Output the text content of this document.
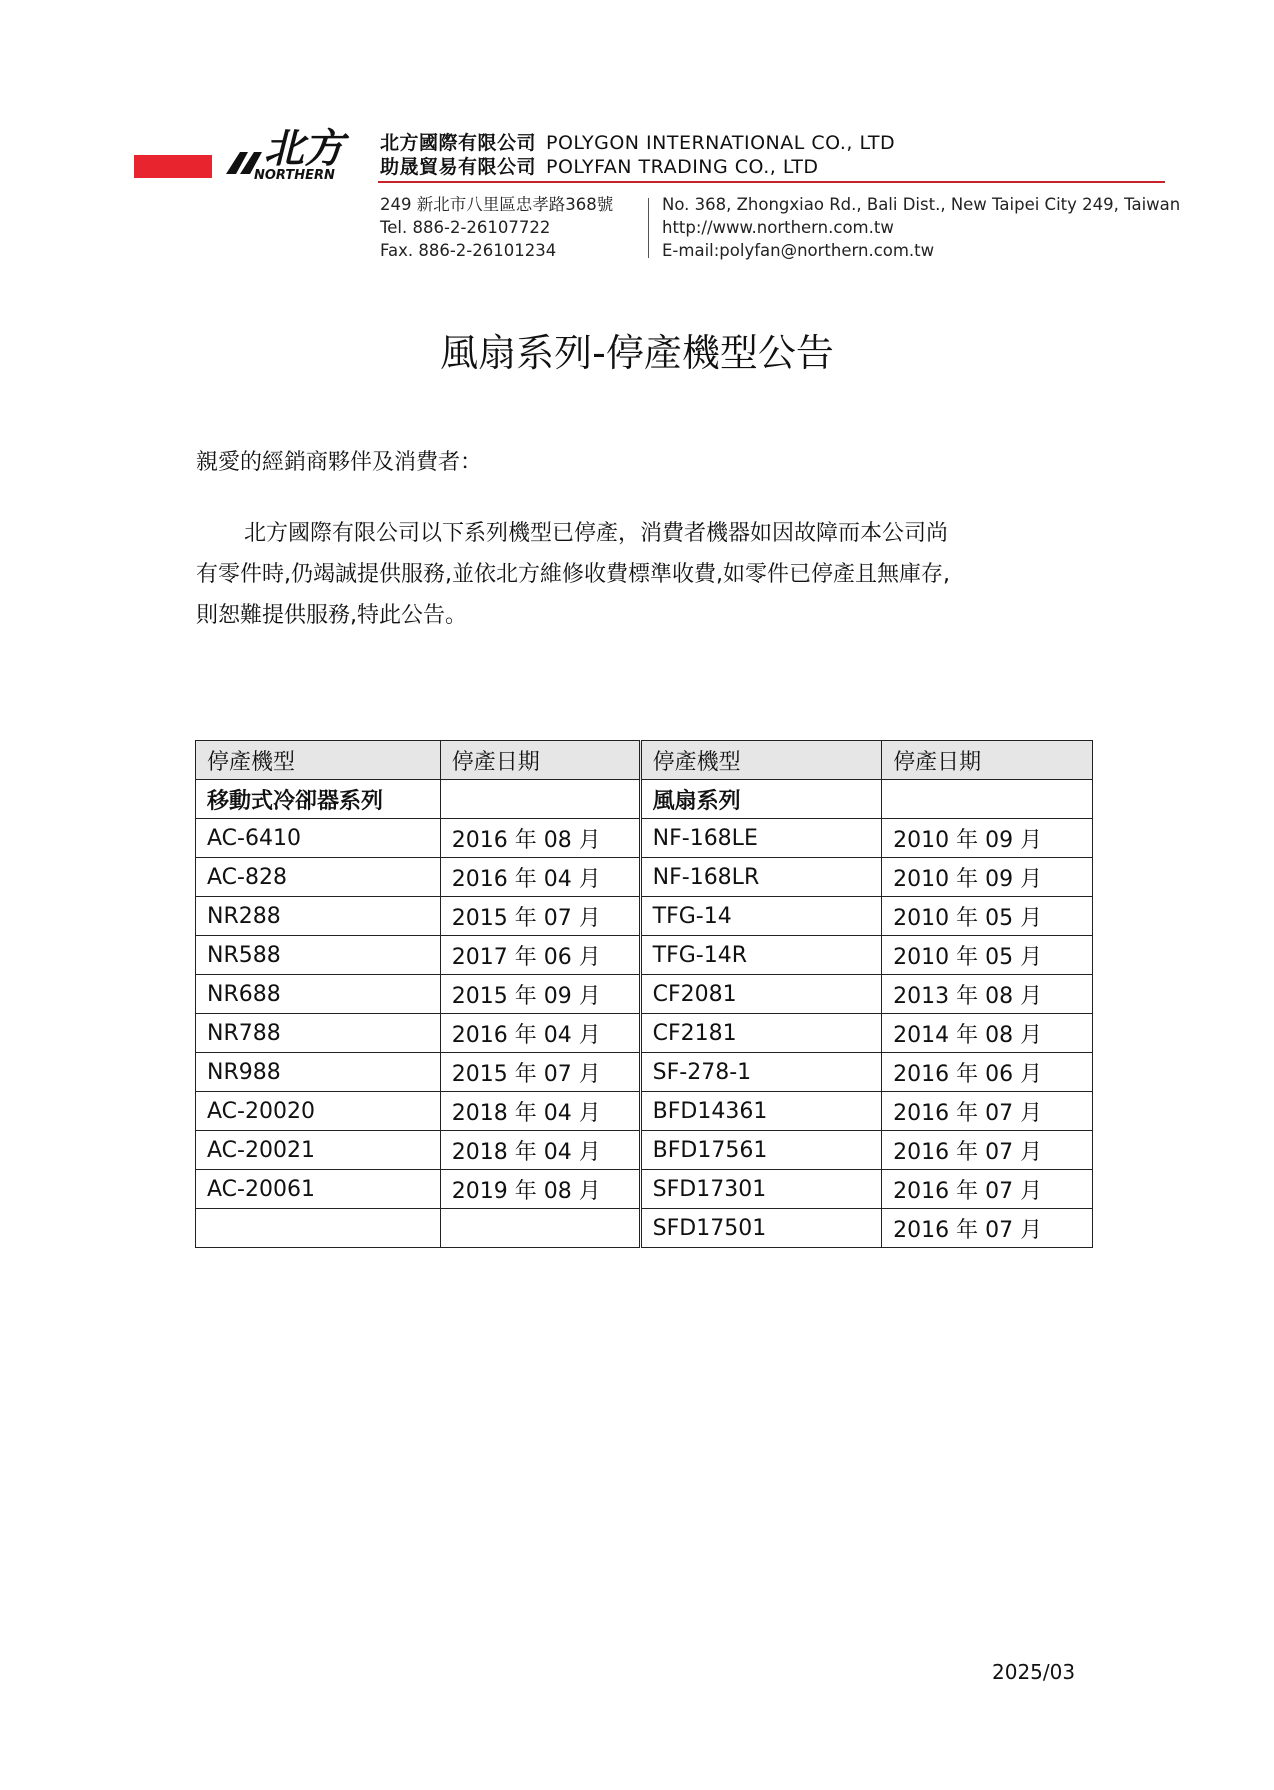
北方
NORTHERN
北方國際有限公司 POLYGON INTERNATIONAL CO., LTD
助晟貿易有限公司 POLYFAN TRADING CO., LTD
249 新北市八里區忠孝路368號
Tel. 886-2-26107722
Fax. 886-2-26101234
No. 368, Zhongxiao Rd., Bali Dist., New Taipei City 249, Taiwan
http://www.northern.com.tw
E-mail:polyfan@northern.com.tw
風扇系列-停產機型公告
親愛的經銷商夥伴及消費者：

北方國際有限公司以下系列機型已停產，消費者機器如因故障而本公司尚

有零件時,仍竭誠提供服務,並依北方維修收費標準收費,如零件已停產且無庫存,

則恕難提供服務,特此公告。

停產機型	停產日期	停產機型	停產日期
移動式冷卻器系列		風扇系列	
AC-6410	2016 年 08 月	NF-168LE	2010 年 09 月
AC-828	2016 年 04 月	NF-168LR	2010 年 09 月
NR288	2015 年 07 月	TFG-14	2010 年 05 月
NR588	2017 年 06 月	TFG-14R	2010 年 05 月
NR688	2015 年 09 月	CF2081	2013 年 08 月
NR788	2016 年 04 月	CF2181	2014 年 08 月
NR988	2015 年 07 月	SF-278-1	2016 年 06 月
AC-20020	2018 年 04 月	BFD14361	2016 年 07 月
AC-20021	2018 年 04 月	BFD17561	2016 年 07 月
AC-20061	2019 年 08 月	SFD17301	2016 年 07 月
		SFD17501	2016 年 07 月
2025/03
